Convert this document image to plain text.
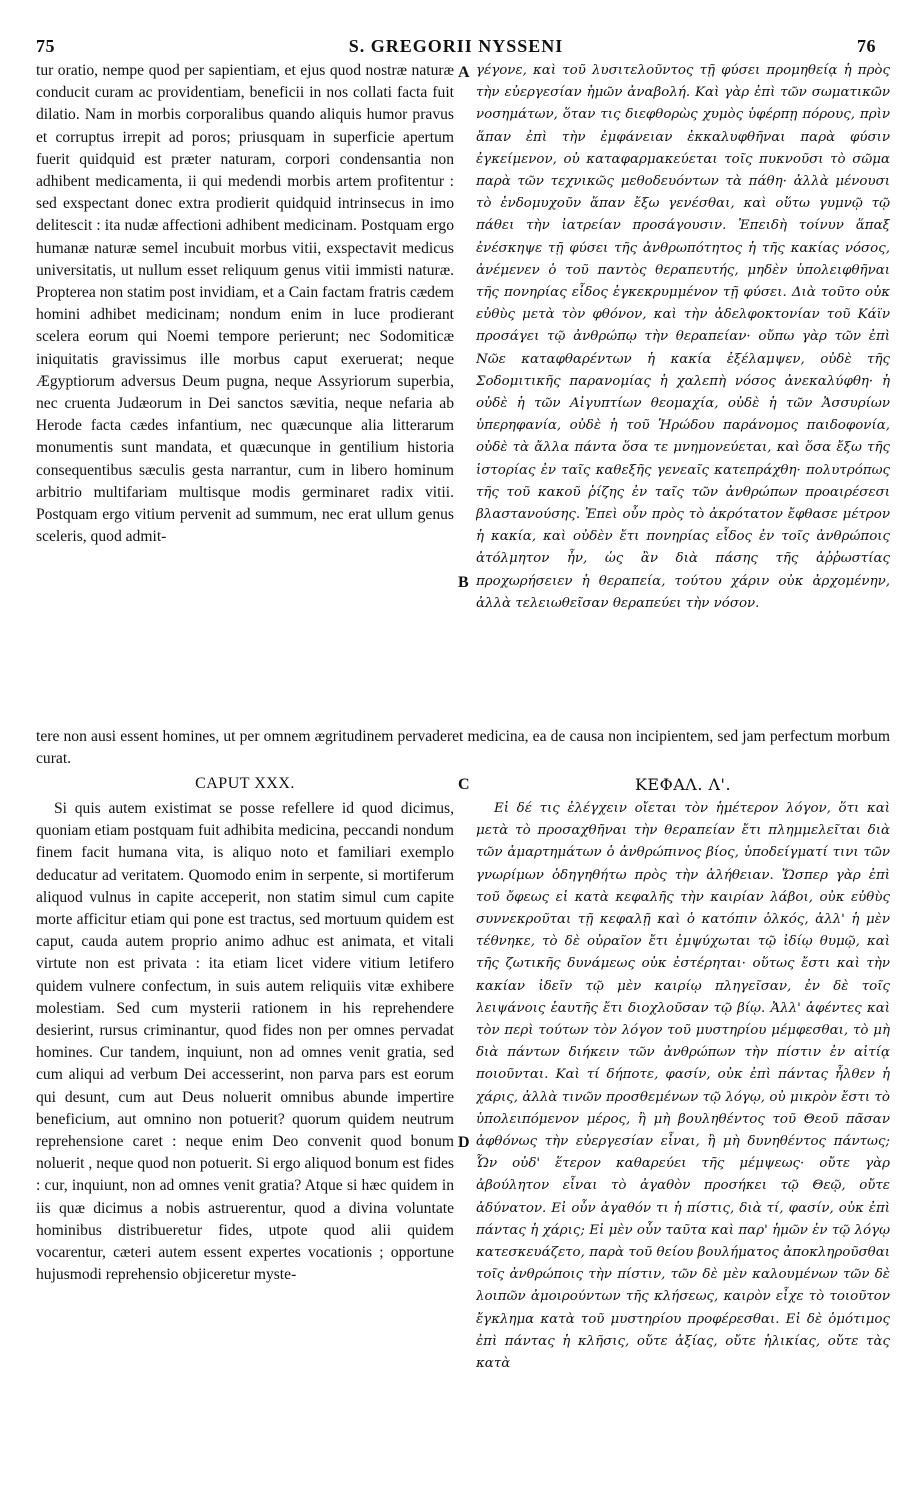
75	S. GREGORII NYSSENI	76

tur oratio, nempe quod per sapientiam, et ejus quod nostræ naturæ conducit curam ac providentiam, beneficii in nos collati facta fuit dilatio. Nam in morbis corporalibus quando aliquis humor pravus et corruptus irrepit ad poros; priusquam in superficie apertum fuerit quidquid est præter naturam, corpori condensantia non adhibent medicamenta, ii qui medendi morbis artem profitentur : sed exspectant donec extra prodierit quidquid intrinsecus in imo delitescit : ita nudæ affectioni adhibent medicinam. Postquam ergo humanæ naturæ semel incubuit morbus vitii, exspectavit medicus universitatis, ut nullum esset reliquum genus vitii immisti naturæ. Propterea non statim post invidiam, et a Cain factam fratris cædem homini adhibet medicinam; nondum enim in luce prodierant scelera eorum qui Noemi tempore perierunt; nec Sodomiticæ iniquitatis gravissimus ille morbus caput exeruerat; neque Ægyptiorum adversus Deum pugna, neque Assyriorum superbia, nec cruenta Judæorum in Dei sanctos sævitia, neque nefaria ab Herode facta cædes infantium, nec quæcunque alia litterarum monumentis sunt mandata, et quæcunque in gentilium historia consequentibus sæculis gesta narrantur, cum in libero hominum arbitrio multifariam multisque modis germinaret radix vitii. Postquam ergo vitium pervenit ad summum, nec erat ullum genus sceleris, quod admit-

γέγονε, καὶ τοῦ λυσιτελοῦντος τῇ φύσει προμηθείᾳ ἡ πρὸς τὴν εὐεργεσίαν ἡμῶν ἀναβολή. Καὶ γὰρ ἐπὶ τῶν σωματικῶν νοσημάτων, ὅταν τις διεφθορὼς χυμὸς ὑφέρπῃ πόρους, πρὶν ἅπαν ἐπὶ τὴν ἐμφάνειαν ἐκκαλυφθῆναι παρὰ φύσιν ἐγκείμενον, οὐ καταφαρμακεύεται τοῖς πυκνοῦσι τὸ σῶμα παρὰ τῶν τεχνικῶς μεθοδευόντων τὰ πάθη· ἀλλὰ μένουσι τὸ ἐνδομυχοῦν ἅπαν ἔξω γενέσθαι, καὶ οὕτω γυμνῷ τῷ πάθει τὴν ἰατρείαν προσάγουσιν. Ἐπειδὴ τοίνυν ἅπαξ ἐνέσκηψε τῇ φύσει τῆς ἀνθρωπότητος ἡ τῆς κακίας νόσος, ἀνέμενεν ὁ τοῦ παντὸς θεραπευτής, μηδὲν ὑπολειφθῆναι τῆς πονηρίας εἶδος ἐγκεκρυμμένον τῇ φύσει. Διὰ τοῦτο οὐκ εὐθὺς μετὰ τὸν φθόνον, καὶ τὴν ἀδελφοκτονίαν τοῦ Κάϊν προσάγει τῷ ἀνθρώπῳ τὴν θεραπείαν· οὔπω γὰρ τῶν ἐπὶ Νῶε καταφθαρέντων ἡ κακία ἐξέλαμψεν, οὐδὲ τῆς Σοδομιτικῆς παρανομίας ἡ χαλεπὴ νόσος ἀνεκαλύφθη· ἡ οὐδὲ ἡ τῶν Αἰγυπτίων θεομαχία, οὐδὲ ἡ τῶν Ἀσσυρίων ὑπερηφανία, οὐδὲ ἡ τοῦ Ἡρώδου παράνομος παιδοφονία, οὐδὲ τὰ ἄλλα πάντα ὅσα τε μνημονεύεται, καὶ ὅσα ἔξω τῆς ἱστορίας ἐν ταῖς καθεξῆς γενεαῖς κατεπράχθη· πολυτρόπως τῆς τοῦ κακοῦ ῥίζης ἐν ταῖς τῶν ἀνθρώπων προαιρέσεσι βλαστανούσης. Ἐπεὶ οὖν πρὸς τὸ ἀκρότατον ἔφθασε μέτρον ἡ κακία, καὶ οὐδὲν ἔτι πονηρίας εἶδος ἐν τοῖς ἀνθρώποις ἀτόλμητον ἦν, ὡς ἂν διὰ πάσης τῆς ἀῤῥωστίας προχωρήσειεν ἡ θεραπεία, τούτου χάριν οὐκ ἀρχομένην, ἀλλὰ τελειωθεῖσαν θεραπεύει τὴν νόσον.

tere non ausi essent homines, ut per omnem ægritudinem pervaderet medicina, ea de causa non incipientem, sed jam perfectum morbum curat.

CAPUT XXX.	ΚΕΦΑΛ. Λ'.

Si quis autem existimat se posse refellere id quod dicimus, quoniam etiam postquam fuit adhibita medicina, peccandi nondum finem facit humana vita, is aliquo noto et familiari exemplo deducatur ad veritatem. Quomodo enim in serpente, si mortiferum aliquod vulnus in capite acceperit, non statim simul cum capite morte afficitur etiam qui pone est tractus, sed mortuum quidem est caput, cauda autem proprio animo adhuc est animata, et vitali virtute non est privata : ita etiam licet videre vitium letifero quidem vulnere confectum, in suis autem reliquiis vitæ exhibere molestiam. Sed cum mysterii rationem in his reprehendere desierint, rursus criminantur, quod fides non per omnes pervadat homines. Cur tandem, inquiunt, non ad omnes venit gratia, sed cum aliqui ad verbum Dei accesserint, non parva pars est eorum qui desunt, cum aut Deus noluerit omnibus abunde impertire beneficium, aut omnino non potuerit? quorum quidem neutrum reprehensione caret : neque enim Deo convenit quod bonum noluerit , neque quod non potuerit. Si ergo aliquod bonum est fides : cur, inquiunt, non ad omnes venit gratia? Atque si hæc quidem in iis quæ dicimus a nobis astruerentur, quod a divina voluntate hominibus distribueretur fides, utpote quod alii quidem vocarentur, cæteri autem essent expertes vocationis ; opportune hujusmodi reprehensio objiceretur myste-

Εἰ δέ τις ἐλέγχειν οἴεται τὸν ἡμέτερον λόγον, ὅτι καὶ μετὰ τὸ προσαχθῆναι τὴν θεραπείαν ἔτι πλημμελεῖται διὰ τῶν ἁμαρτημάτων ὁ ἀνθρώπινος βίος, ὑποδείγματί τινι τῶν γνωρίμων ὁδηγηθήτω πρὸς τὴν ἀλήθειαν. Ὥσπερ γὰρ ἐπὶ τοῦ ὄφεως εἰ κατὰ κεφαλῆς τὴν καιρίαν λάβοι, οὐκ εὐθὺς συννεκροῦται τῇ κεφαλῇ καὶ ὁ κατόπιν ὁλκός, ἀλλ' ἡ μὲν τέθνηκε, τὸ δὲ οὐραῖον ἔτι ἐμψύχωται τῷ ἰδίῳ θυμῷ, καὶ τῆς ζωτικῆς δυνάμεως οὐκ ἐστέρηται· οὕτως ἔστι καὶ τὴν κακίαν ἰδεῖν τῷ μὲν καιρίῳ πληγεῖσαν, ἐν δὲ τοῖς λειψάνοις ἑαυτῆς ἔτι διοχλοῦσαν τῷ βίῳ. Ἀλλ' ἀφέντες καὶ τὸν περὶ τούτων τὸν λόγον τοῦ μυστηρίου μέμφεσθαι, τὸ μὴ διὰ πάντων διήκειν τῶν ἀνθρώπων τὴν πίστιν ἐν αἰτίᾳ ποιοῦνται. Καὶ τί δήποτε, φασίν, οὐκ ἐπὶ πάντας ἦλθεν ἡ χάρις, ἀλλὰ τινῶν προσθεμένων τῷ λόγῳ, οὐ μικρὸν ἔστι τὸ ὑπολειπόμενον μέρος, ἢ μὴ βουληθέντος τοῦ Θεοῦ πᾶσαν ἀφθόνως τὴν εὐεργεσίαν εἶναι, ἢ μὴ δυνηθέντος πάντως; Ὧν οὐδ' ἕτερον καθαρεύει τῆς μέμψεως· οὔτε γὰρ ἀβούλητον εἶναι τὸ ἀγαθὸν προσήκει τῷ Θεῷ, οὔτε ἀδύνατον. Εἰ οὖν ἀγαθόν τι ἡ πίστις, διὰ τί, φασίν, οὐκ ἐπὶ πάντας ἡ χάρις; Εἰ μὲν οὖν ταῦτα καὶ παρ' ἡμῶν ἐν τῷ λόγῳ κατεσκευάζετο, παρὰ τοῦ θείου βουλήματος ἀποκληροῦσθαι τοῖς ἀνθρώποις τὴν πίστιν, τῶν δὲ μὲν καλουμένων τῶν δὲ λοιπῶν ἀμοιρούντων τῆς κλήσεως, καιρὸν εἶχε τὸ τοιοῦτον ἔγκλημα κατὰ τοῦ μυστηρίου προφέρεσθαι. Εἰ δὲ ὁμότιμος ἐπὶ πάντας ἡ κλῆσις, οὔτε ἀξίας, οὔτε ἡλικίας, οὔτε τὰς κατὰ

A
B
C
D
